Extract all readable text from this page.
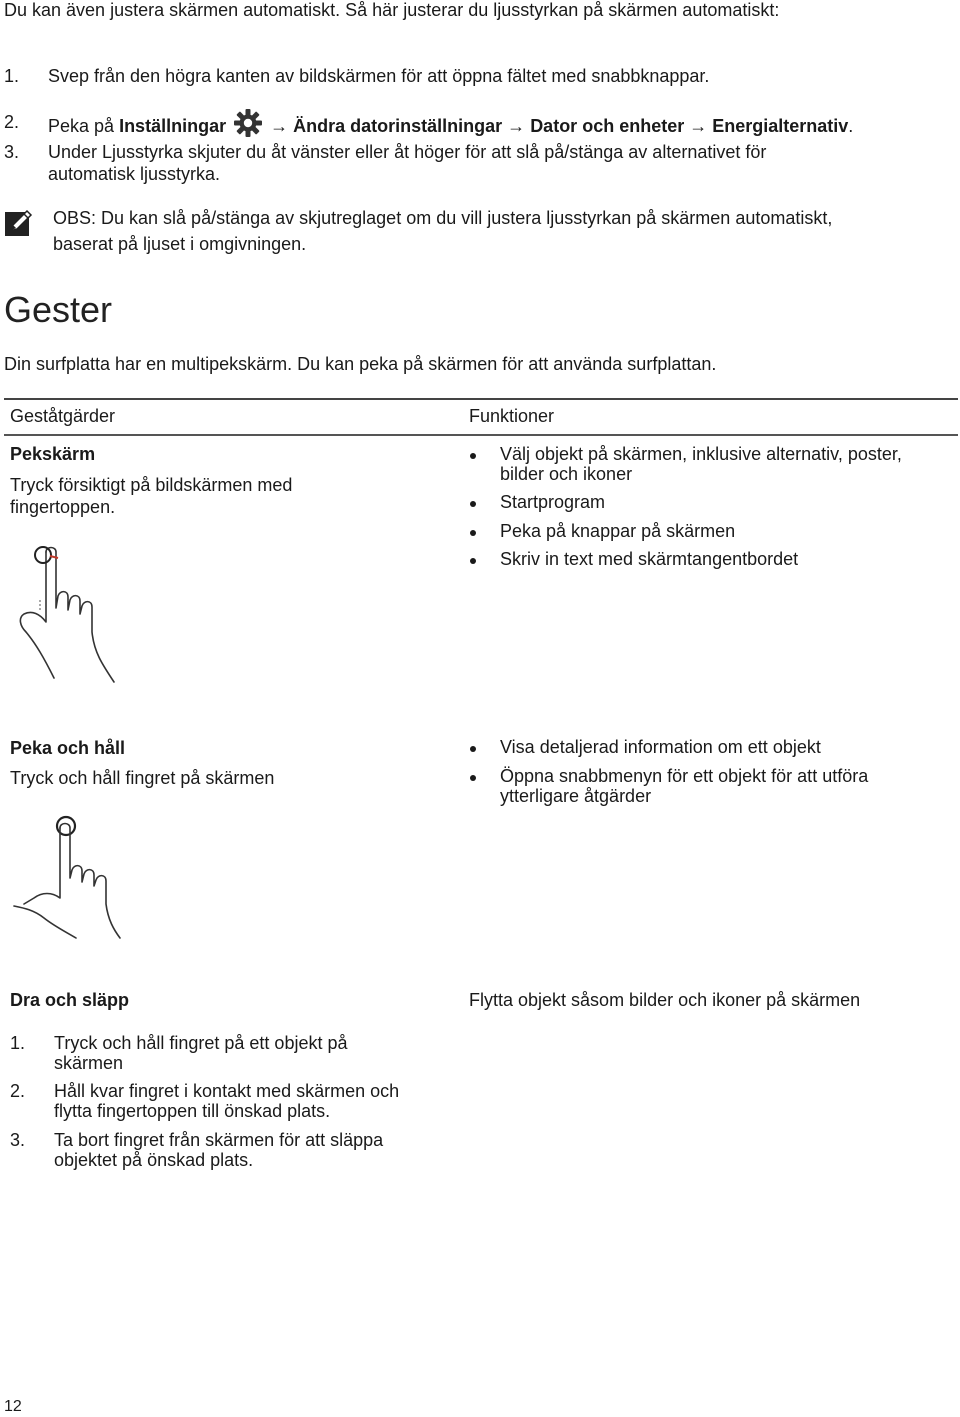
Du kan även justera skärmen automatiskt. Så här justerar du ljusstyrkan på skärmen automatiskt:
1. Svep från den högra kanten av bildskärmen för att öppna fältet med snabbknappar.
2. Peka på Inställningar → Ändra datorinställningar → Dator och enheter → Energialternativ.
3. Under Ljusstyrka skjuter du åt vänster eller åt höger för att slå på/stänga av alternativet för
automatisk ljusstyrka.
OBS: Du kan slå på/stänga av skjutreglaget om du vill justera ljusstyrkan på skärmen automatiskt,
baserat på ljuset i omgivningen.
Gester
Din surfplatta har en multipekskärm. Du kan peka på skärmen för att använda surfplattan.
Geståtgärder	Funktioner
Pekskärm
Tryck försiktigt på bildskärmen med
fingertoppen.
Välj objekt på skärmen, inklusive alternativ, poster,
bilder och ikoner
Startprogram
Peka på knappar på skärmen
Skriv in text med skärmtangentbordet
Peka och håll
Tryck och håll fingret på skärmen
Visa detaljerad information om ett objekt
Öppna snabbmenyn för ett objekt för att utföra
ytterligare åtgärder
Dra och släpp	Flytta objekt såsom bilder och ikoner på skärmen
1. Tryck och håll fingret på ett objekt på
skärmen
2. Håll kvar fingret i kontakt med skärmen och
flytta fingertoppen till önskad plats.
3. Ta bort fingret från skärmen för att släppa
objektet på önskad plats.
12
